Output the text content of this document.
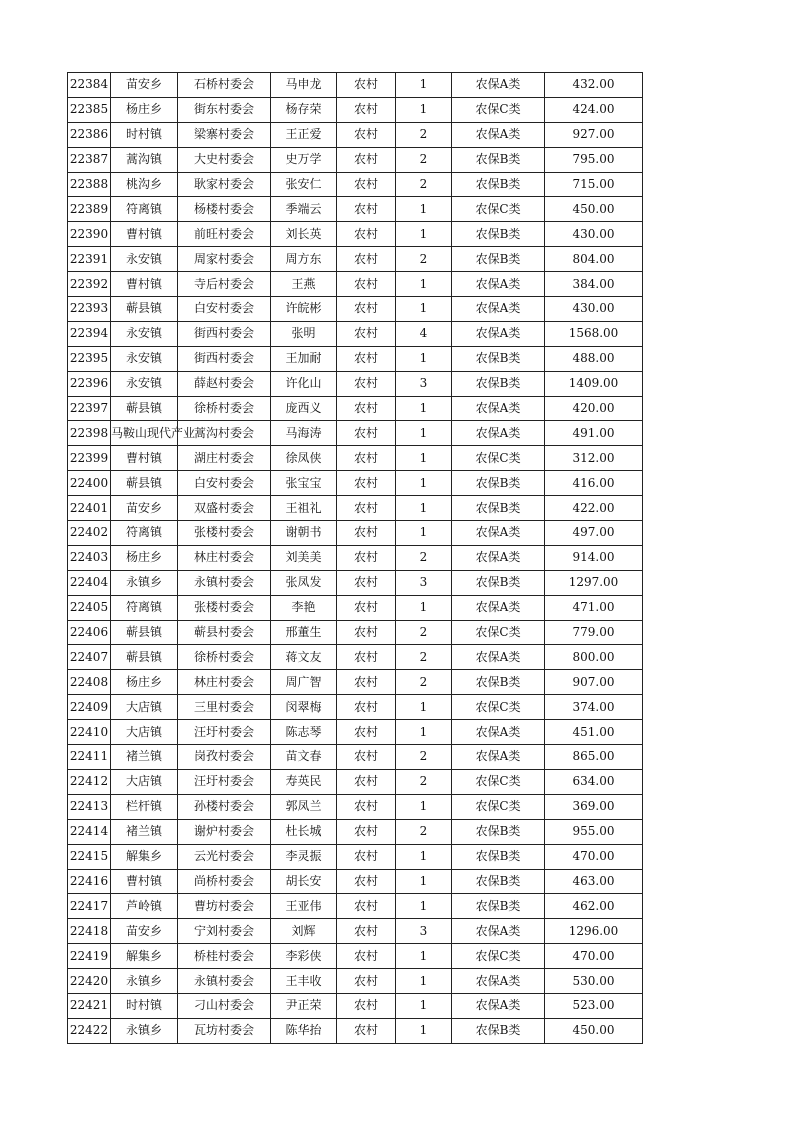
22384	苗安乡	石桥村委会	马申龙	农村	1	农保A类	432.00
22385	杨庄乡	街东村委会	杨存荣	农村	1	农保C类	424.00
22386	时村镇	梁寨村委会	王正爱	农村	2	农保A类	927.00
22387	蒿沟镇	大史村委会	史万学	农村	2	农保B类	795.00
22388	桃沟乡	耿家村委会	张安仁	农村	2	农保B类	715.00
22389	符离镇	杨楼村委会	季端云	农村	1	农保C类	450.00
22390	曹村镇	前旺村委会	刘长英	农村	1	农保B类	430.00
22391	永安镇	周家村委会	周方东	农村	2	农保B类	804.00
22392	曹村镇	寺后村委会	王燕	农村	1	农保A类	384.00
22393	蕲县镇	白安村委会	许皖彬	农村	1	农保A类	430.00
22394	永安镇	街西村委会	张明	农村	4	农保A类	1568.00
22395	永安镇	街西村委会	王加耐	农村	1	农保B类	488.00
22396	永安镇	薛赵村委会	许化山	农村	3	农保B类	1409.00
22397	蕲县镇	徐桥村委会	庞西义	农村	1	农保A类	420.00
22398	马鞍山现代产业	蒿沟村委会	马海涛	农村	1	农保A类	491.00
22399	曹村镇	湖庄村委会	徐凤侠	农村	1	农保C类	312.00
22400	蕲县镇	白安村委会	张宝宝	农村	1	农保B类	416.00
22401	苗安乡	双盛村委会	王祖礼	农村	1	农保B类	422.00
22402	符离镇	张楼村委会	谢朝书	农村	1	农保A类	497.00
22403	杨庄乡	林庄村委会	刘美美	农村	2	农保A类	914.00
22404	永镇乡	永镇村委会	张凤发	农村	3	农保B类	1297.00
22405	符离镇	张楼村委会	李艳	农村	1	农保A类	471.00
22406	蕲县镇	蕲县村委会	邢董生	农村	2	农保C类	779.00
22407	蕲县镇	徐桥村委会	蒋文友	农村	2	农保A类	800.00
22408	杨庄乡	林庄村委会	周广智	农村	2	农保B类	907.00
22409	大店镇	三里村委会	闵翠梅	农村	1	农保C类	374.00
22410	大店镇	汪圩村委会	陈志琴	农村	1	农保A类	451.00
22411	褚兰镇	岗孜村委会	苗文春	农村	2	农保A类	865.00
22412	大店镇	汪圩村委会	寿英民	农村	2	农保C类	634.00
22413	栏杆镇	孙楼村委会	郭凤兰	农村	1	农保C类	369.00
22414	褚兰镇	谢炉村委会	杜长城	农村	2	农保B类	955.00
22415	解集乡	云光村委会	李灵振	农村	1	农保B类	470.00
22416	曹村镇	尚桥村委会	胡长安	农村	1	农保B类	463.00
22417	芦岭镇	曹坊村委会	王亚伟	农村	1	农保B类	462.00
22418	苗安乡	宁刘村委会	刘辉	农村	3	农保A类	1296.00
22419	解集乡	桥桂村委会	李彩侠	农村	1	农保C类	470.00
22420	永镇乡	永镇村委会	王丰收	农村	1	农保A类	530.00
22421	时村镇	刁山村委会	尹正荣	农村	1	农保A类	523.00
22422	永镇乡	瓦坊村委会	陈华抬	农村	1	农保B类	450.00
